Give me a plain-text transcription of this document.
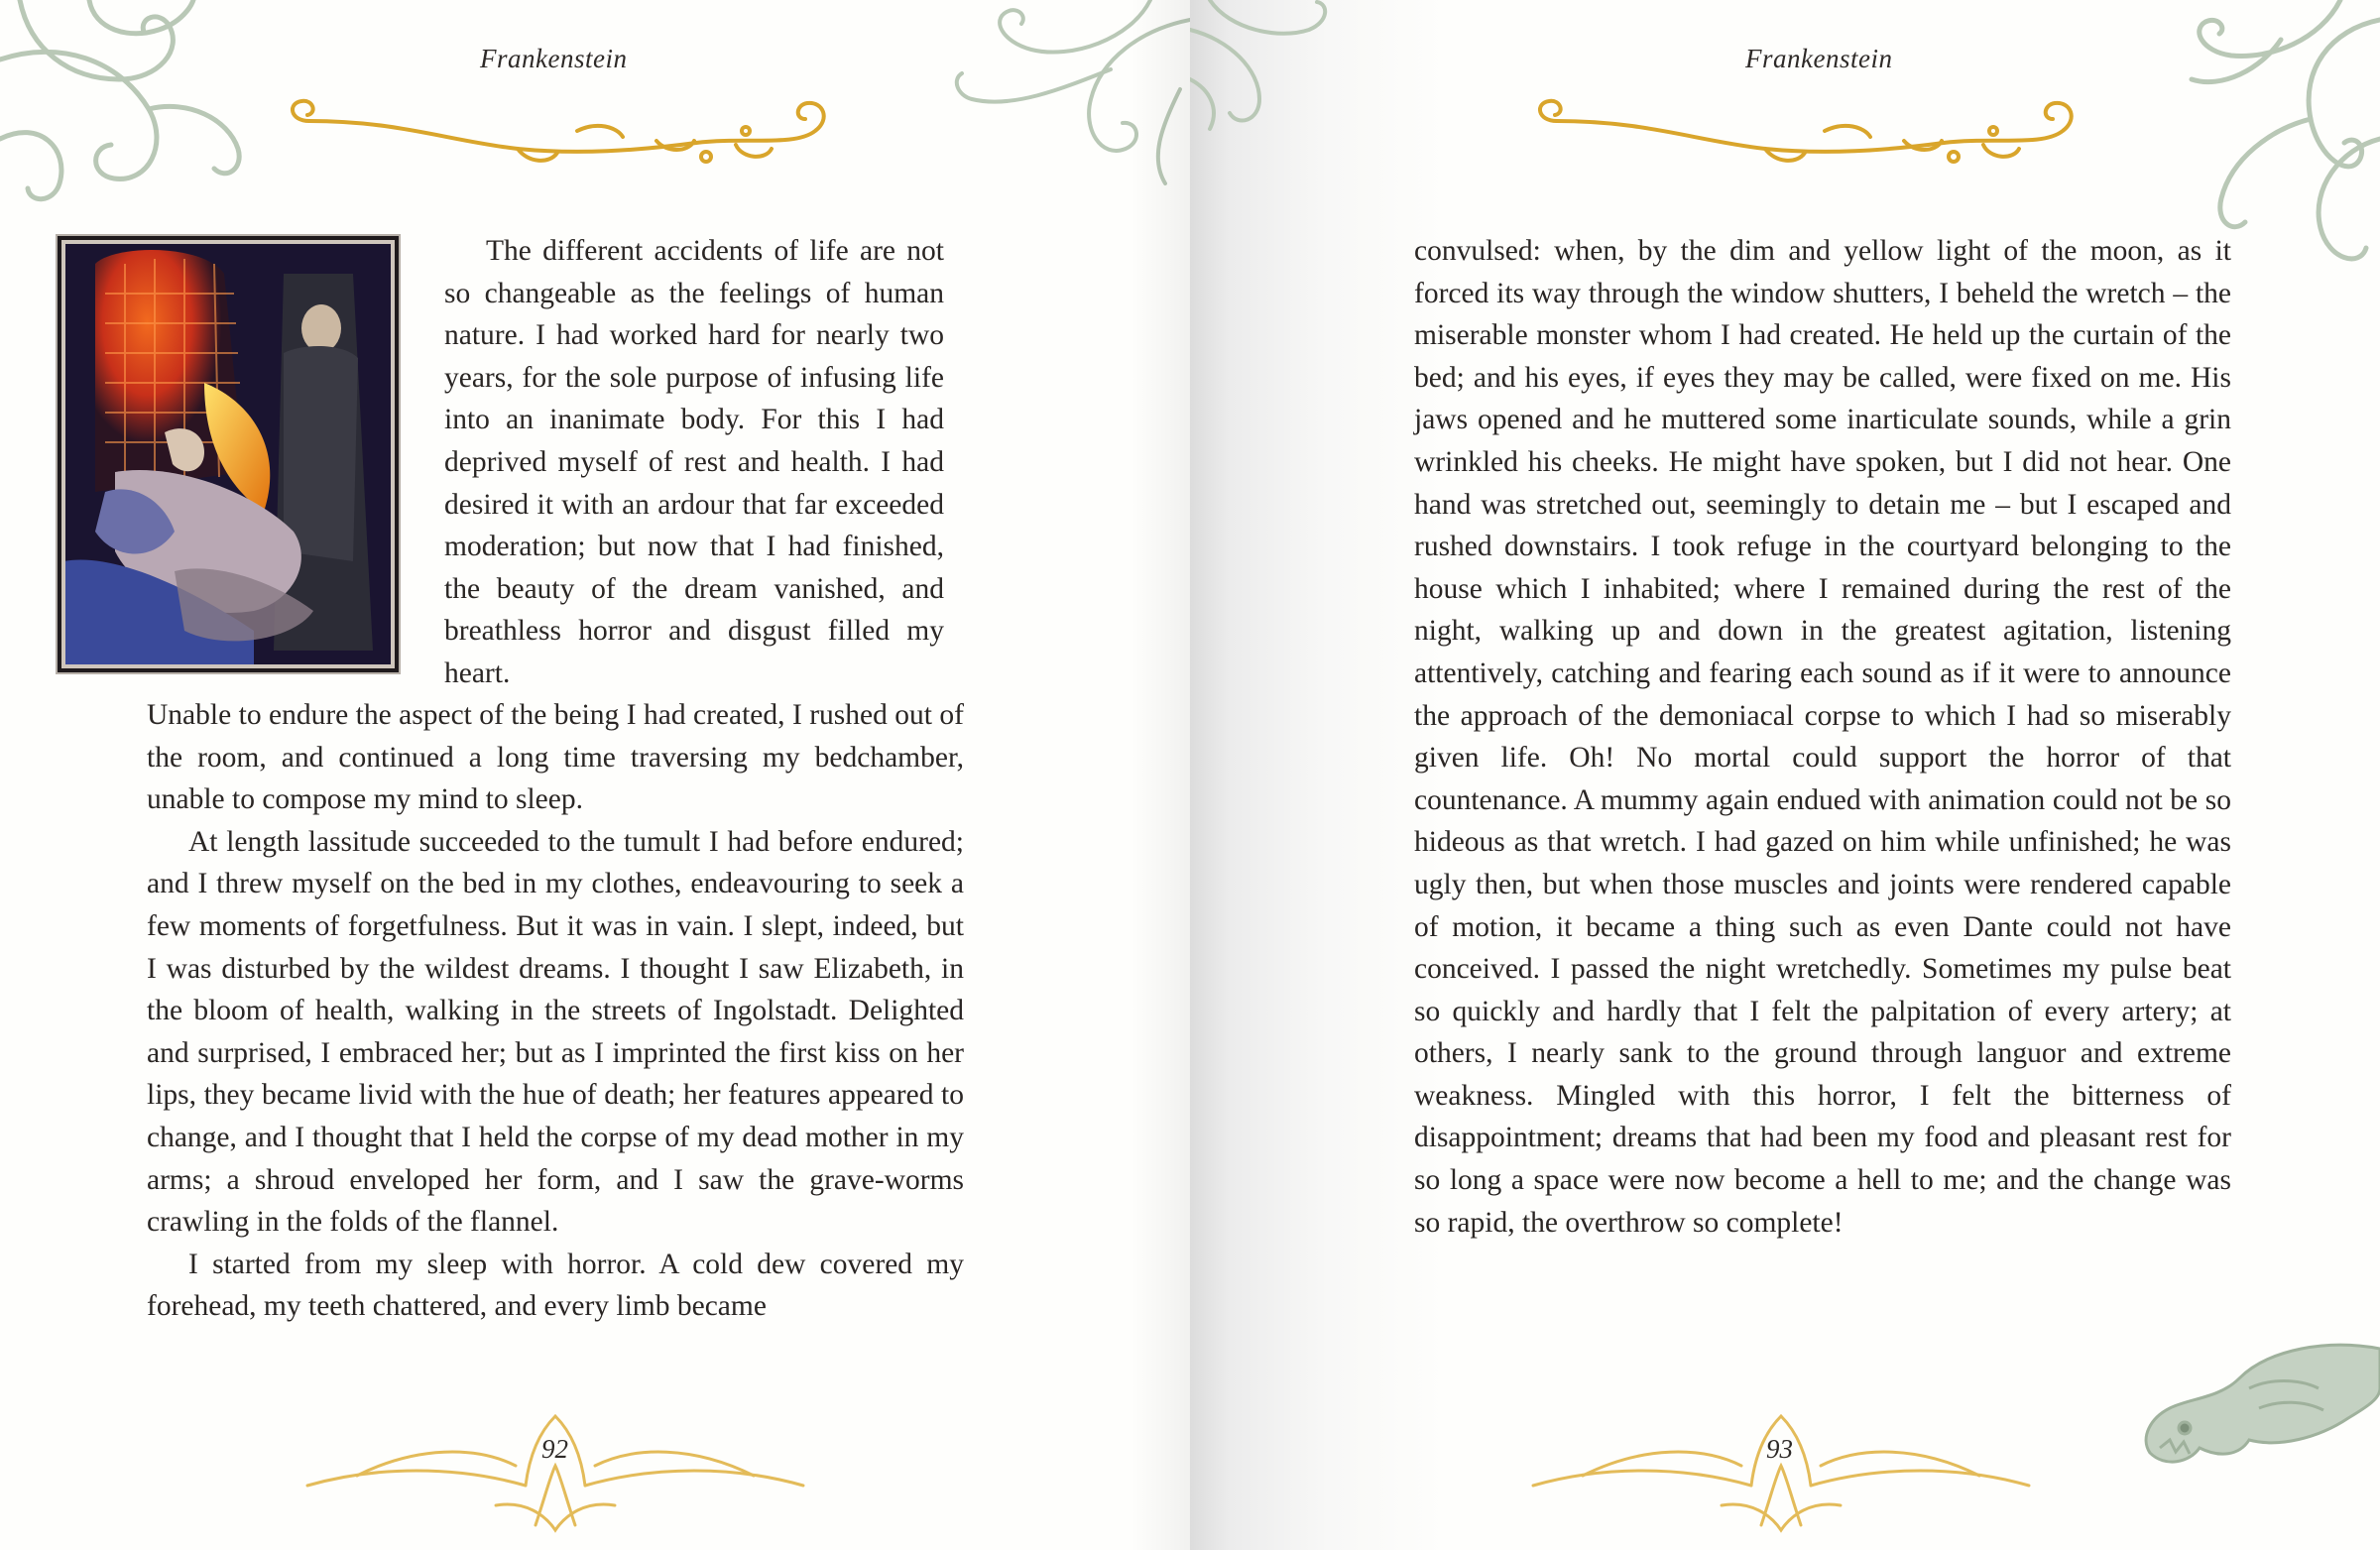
Frankenstein

The different accidents of life are not so changeable as the feelings of human nature. I had worked hard for nearly two years, for the sole purpose of infusing life into an inanimate body. For this I had deprived myself of rest and health. I had desired it with an ardour that far exceeded moderation; but now that I had finished, the beauty of the dream vanished, and breathless horror and disgust filled my heart.

Unable to endure the aspect of the being I had created, I rushed out of the room, and continued a long time traversing my bedchamber, unable to compose my mind to sleep.

At length lassitude succeeded to the tumult I had before endured; and I threw myself on the bed in my clothes, endeavouring to seek a few moments of forgetfulness. But it was in vain. I slept, indeed, but I was disturbed by the wildest dreams. I thought I saw Elizabeth, in the bloom of health, walking in the streets of Ingolstadt. Delighted and surprised, I embraced her; but as I imprinted the first kiss on her lips, they became livid with the hue of death; her features appeared to change, and I thought that I held the corpse of my dead mother in my arms; a shroud enveloped her form, and I saw the grave-worms crawling in the folds of the flannel.

I started from my sleep with horror. A cold dew covered my forehead, my teeth chattered, and every limb became

92
Frankenstein

convulsed: when, by the dim and yellow light of the moon, as it forced its way through the window shutters, I beheld the wretch – the miserable monster whom I had created. He held up the curtain of the bed; and his eyes, if eyes they may be called, were fixed on me. His jaws opened and he muttered some inarticulate sounds, while a grin wrinkled his cheeks. He might have spoken, but I did not hear. One hand was stretched out, seemingly to detain me – but I escaped and rushed downstairs. I took refuge in the courtyard belonging to the house which I inhabited; where I remained during the rest of the night, walking up and down in the greatest agitation, listening attentively, catching and fearing each sound as if it were to announce the approach of the demoniacal corpse to which I had so miserably given life. Oh! No mortal could support the horror of that countenance. A mummy again endued with animation could not be so hideous as that wretch. I had gazed on him while unfinished; he was ugly then, but when those muscles and joints were rendered capable of motion, it became a thing such as even Dante could not have conceived. I passed the night wretchedly. Sometimes my pulse beat so quickly and hardly that I felt the palpitation of every artery; at others, I nearly sank to the ground through languor and extreme weakness. Mingled with this horror, I felt the bitterness of disappointment; dreams that had been my food and pleasant rest for so long a space were now become a hell to me; and the change was so rapid, the overthrow so complete!

93
